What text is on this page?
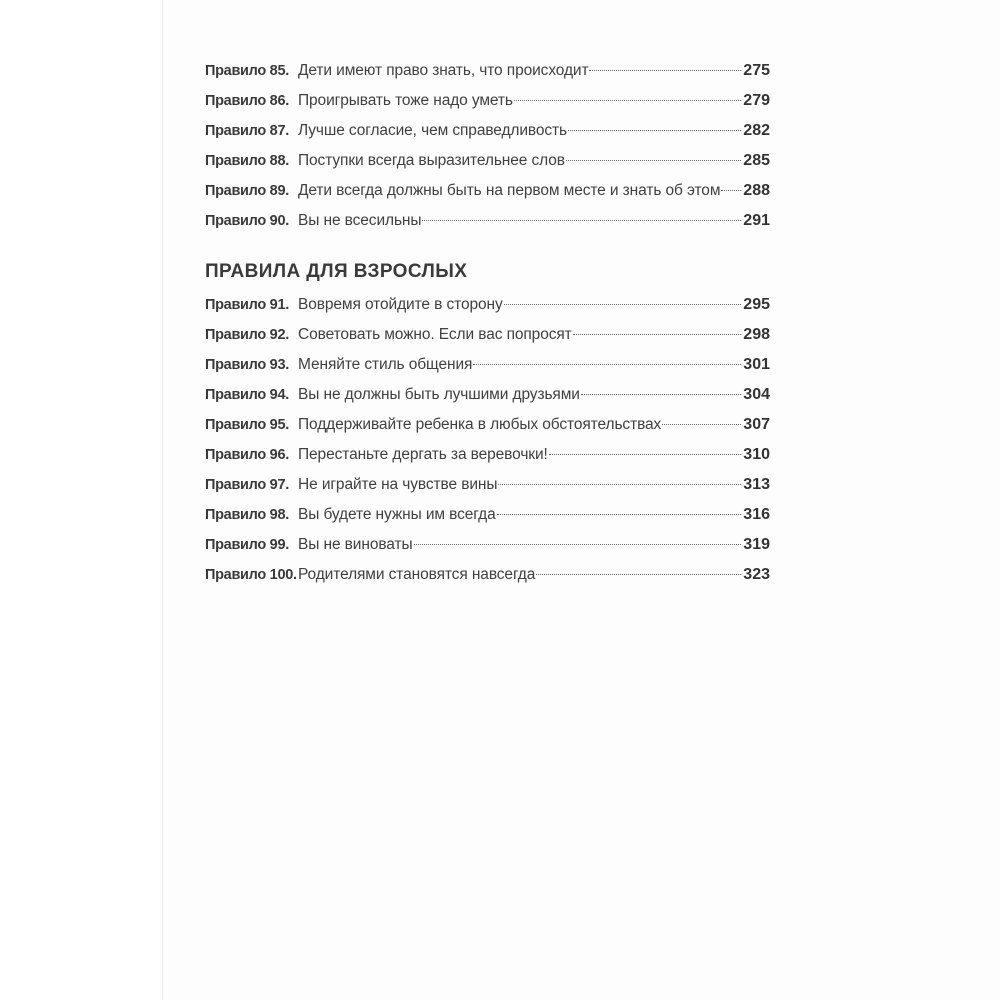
Правило 85. Дети имеют право знать, что происходит	275
Правило 86. Проигрывать тоже надо уметь	279
Правило 87. Лучше согласие, чем справедливость	282
Правило 88. Поступки всегда выразительнее слов	285
Правило 89. Дети всегда должны быть на первом месте и знать об этом 288
Правило 90. Вы не всесильны	291
ПРАВИЛА ДЛЯ ВЗРОСЛЫХ
Правило 91. Вовремя отойдите в сторону	295
Правило 92. Советовать можно. Если вас попросят	298
Правило 93. Меняйте стиль общения	301
Правило 94. Вы не должны быть лучшими друзьями	304
Правило 95. Поддерживайте ребенка в любых обстоятельствах	307
Правило 96. Перестаньте дергать за веревочки!	310
Правило 97. Не играйте на чувстве вины	313
Правило 98. Вы будете нужны им всегда	316
Правило 99. Вы не виноваты	319
Правило 100. Родителями становятся навсегда	323
